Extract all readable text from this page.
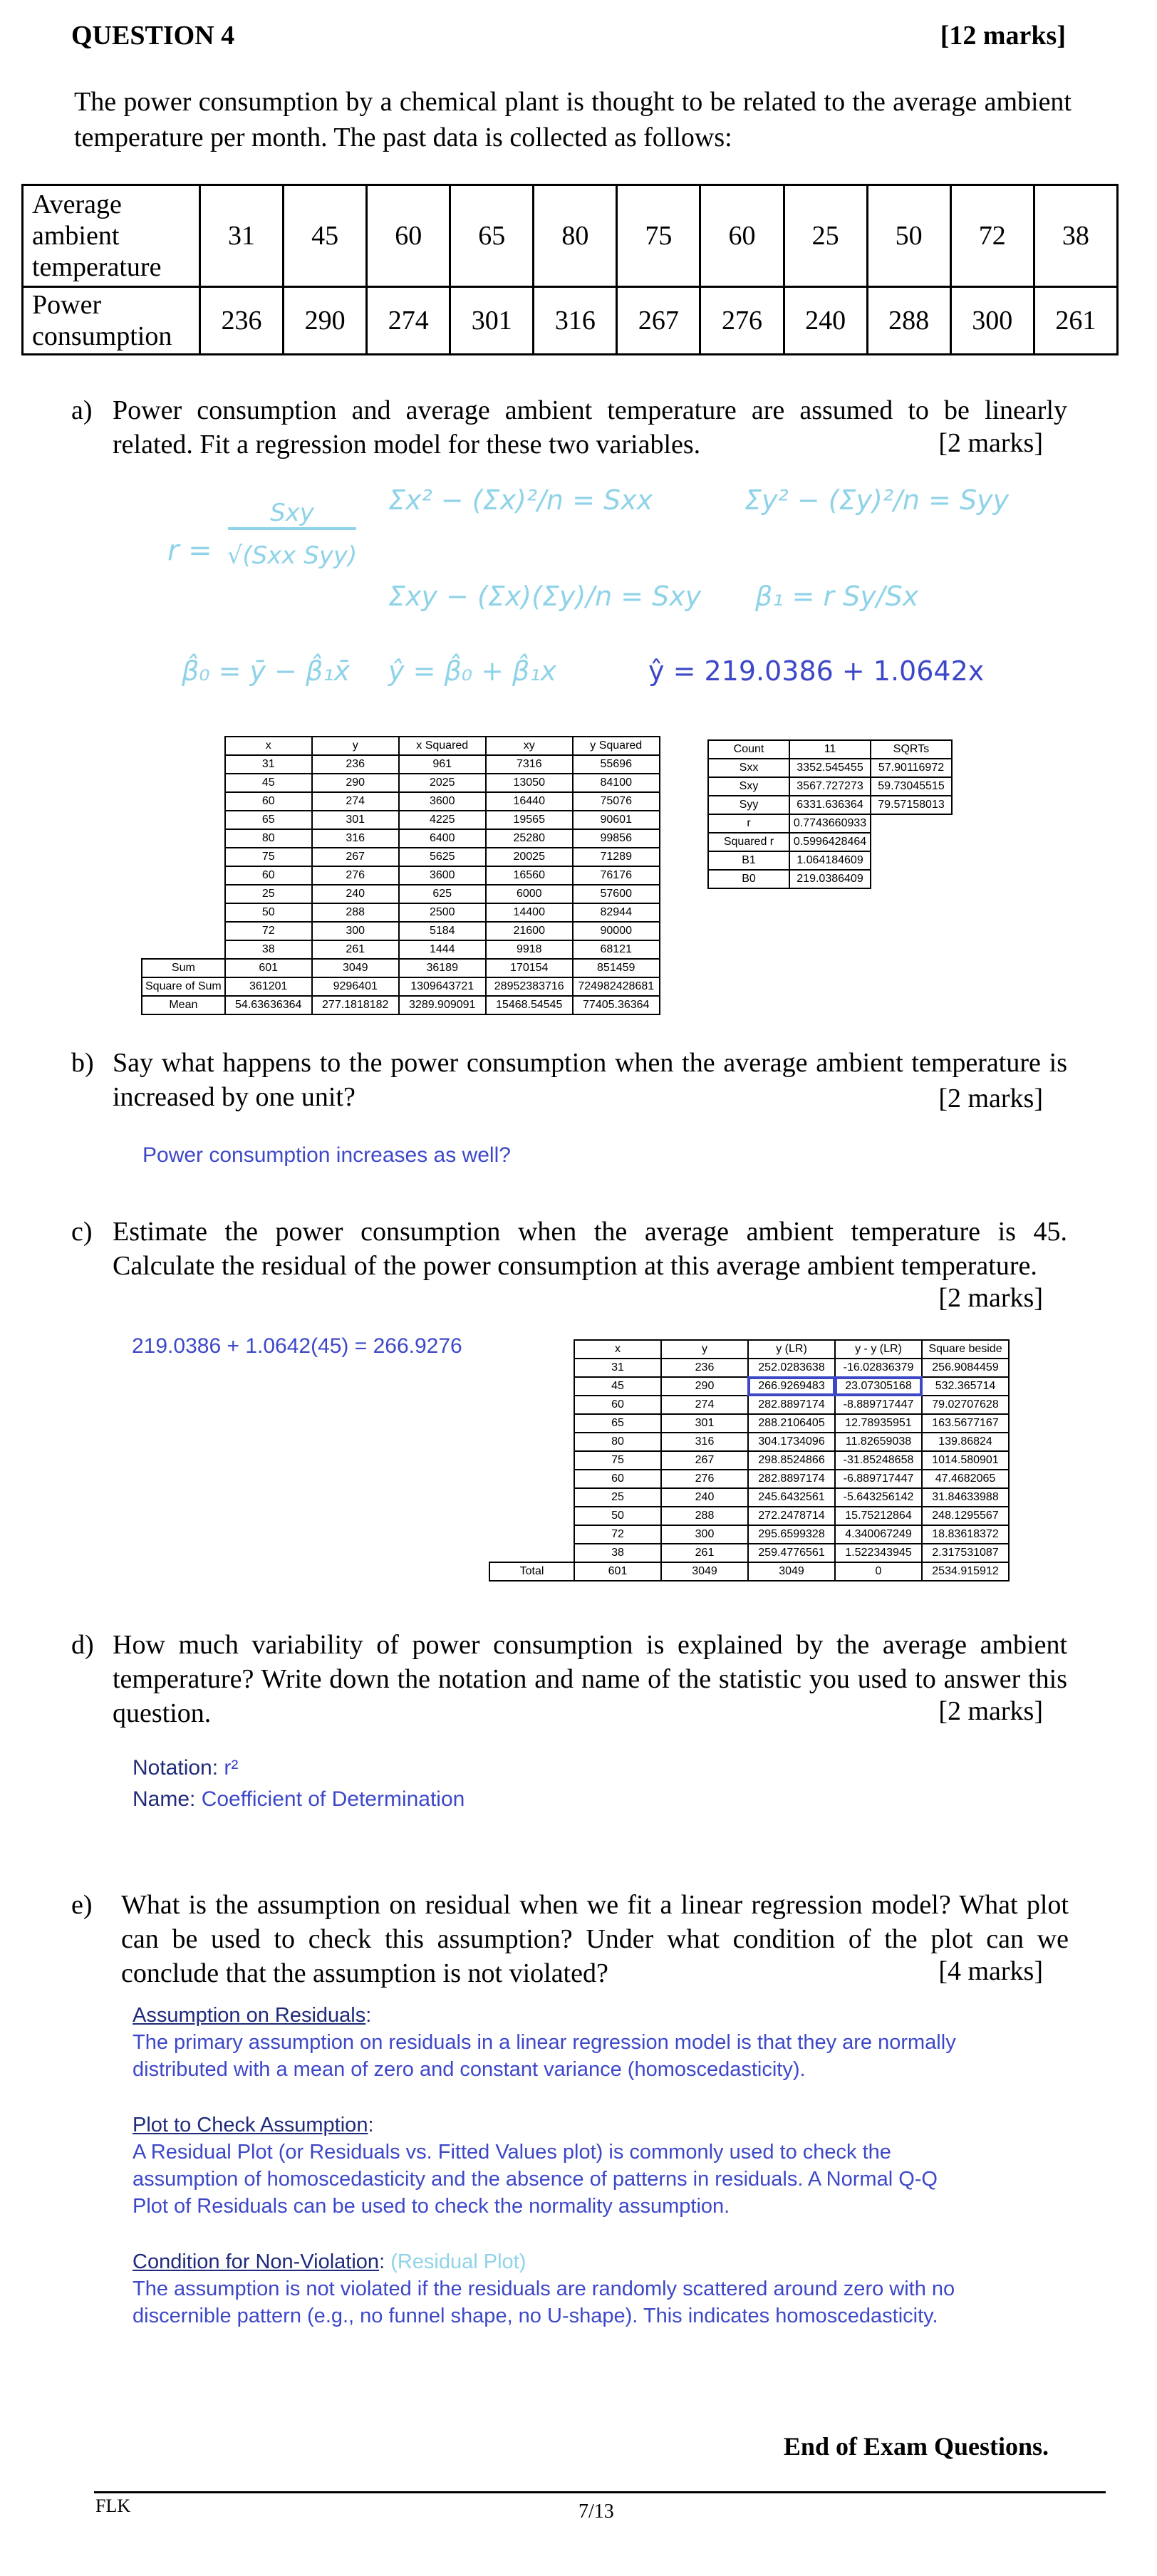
QUESTION 4	[12 marks]
The power consumption by a chemical plant is thought to be related to the average ambient temperature per month. The past data is collected as follows:
Average ambient temperature	31	45	60	65	80	75	60	25	50	72	38
Power consumption	236	290	274	301	316	267	276	240	288	300	261
a) Power consumption and average ambient temperature are assumed to be linearly related. Fit a regression model for these two variables.	[2 marks]
r =
Sxy
√(Sxx Syy)
Σx² − (Σx)²/n = Sxx	Σy² − (Σy)²/n = Syy
Σxy − (Σx)(Σy)/n = Sxy β₁ = r Sy/Sx
β̂₀ = ȳ − β̂₁x̄ ŷ = β̂₀ + β̂₁x	ŷ = 219.0386 + 1.0642x
	x	y	x Squared	xy	y Squared
	31	236	961	7316	55696
	45	290	2025	13050	84100
	60	274	3600	16440	75076
	65	301	4225	19565	90601
	80	316	6400	25280	99856
	75	267	5625	20025	71289
	60	276	3600	16560	76176
	25	240	625	6000	57600
	50	288	2500	14400	82944
	72	300	5184	21600	90000
	38	261	1444	9918	68121
Sum	601	3049	36189	170154	851459
Square of Sum	361201	9296401	1309643721	28952383716	724982428681
Mean	54.63636364	277.1818182	3289.909091	15468.54545	77405.36364
Count	11	SQRTs
Sxx	3352.545455	57.90116972
Sxy	3567.727273	59.73045515
Syy	6331.636364	79.57158013
r	0.7743660933	
Squared r	0.5996428464	
B1	1.064184609	
B0	219.0386409	
b) Say what happens to the power consumption when the average ambient temperature is increased by one unit?	[2 marks]
Power consumption increases as well?
c) Estimate the power consumption when the average ambient temperature is 45. Calculate the residual of the power consumption at this average ambient temperature.
[2 marks]
219.0386 + 1.0642(45) = 266.9276
		x	y	y (LR)	y - y (LR)	Square beside
	31	236	252.0283638	-16.02836379	256.9084459
	45	290	266.9269483	23.07305168	532.365714
	60	274	282.8897174	-8.889717447	79.02707628
	65	301	288.2106405	12.78935951	163.5677167
	80	316	304.1734096	11.82659038	139.86824
	75	267	298.8524866	-31.85248658	1014.580901
	60	276	282.8897174	-6.889717447	47.4682065
	25	240	245.6432561	-5.643256142	31.84633988
	50	288	272.2478714	15.75212864	248.1295567
	72	300	295.6599328	4.340067249	18.83618372
	38	261	259.4776561	1.522343945	2.317531087
Total	601	3049	3049	0	2534.915912
d) How much variability of power consumption is explained by the average ambient temperature? Write down the notation and name of the statistic you used to answer this question.	[2 marks]
Notation: r²
Name: Coefficient of Determination
e) What is the assumption on residual when we fit a linear regression model? What plot can be used to check this assumption? Under what condition of the plot can we conclude that the assumption is not violated?	[4 marks]
Assumption on Residuals:
The primary assumption on residuals in a linear regression model is that they are normally distributed with a mean of zero and constant variance (homoscedasticity).
Plot to Check Assumption:
A Residual Plot (or Residuals vs. Fitted Values plot) is commonly used to check the assumption of homoscedasticity and the absence of patterns in residuals. A Normal Q-Q Plot of Residuals can be used to check the normality assumption.
Condition for Non-Violation: (Residual Plot)
The assumption is not violated if the residuals are randomly scattered around zero with no discernible pattern (e.g., no funnel shape, no U-shape). This indicates homoscedasticity.
End of Exam Questions.
FLK	7/13
